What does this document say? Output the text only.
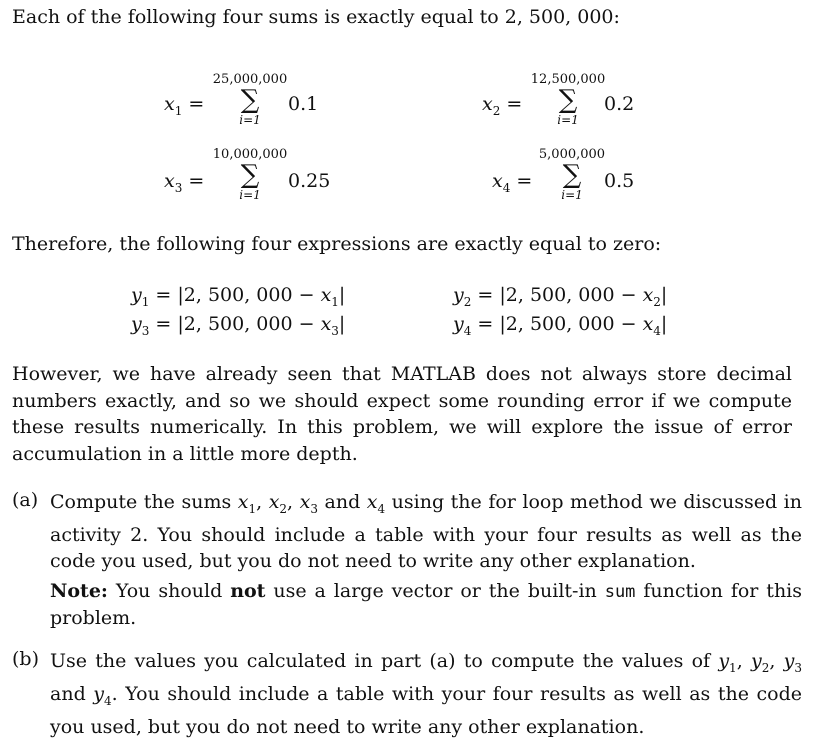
Each of the following four sums is exactly equal to 2, 500, 000:
$x_1$ =
25,000,000
∑
i=1
0.1	$x_2$ =
12,500,000
∑
i=1
0.2
$x_3$ =
10,000,000
∑
i=1
0.25	$x_4$ =
5,000,000
∑
i=1
0.5
Therefore, the following four expressions are exactly equal to zero:
$y_1 = |2$, 500, $000 - x_1|$	$y_2 = |2$, 500, $000 - x_2|$
$y_3 = |2$, 500, $000 - x_3|$	$y_4 = |2$, 500, $000 - x_4|$
However, we have already seen that MATLAB does not always store decimal numbers exactly, and so we should expect some rounding error if we compute these results numerically. In this problem, we will explore the issue of error accumulation in a little more depth.
(a) Compute the sums $x_1$, $x_2$, $x_3$ and $x_4$ using the for loop method we discussed in activity 2. You should include a table with your four results as well as the code you used, but you do not need to write any other explanation.
Note: You should not use a large vector or the built-in sum function for this problem.
(b) Use the values you calculated in part (a) to compute the values of $y_1$, $y_2$, $y_3$ and $y_4$. You should include a table with your four results as well as the code you used, but you do not need to write any other explanation.
